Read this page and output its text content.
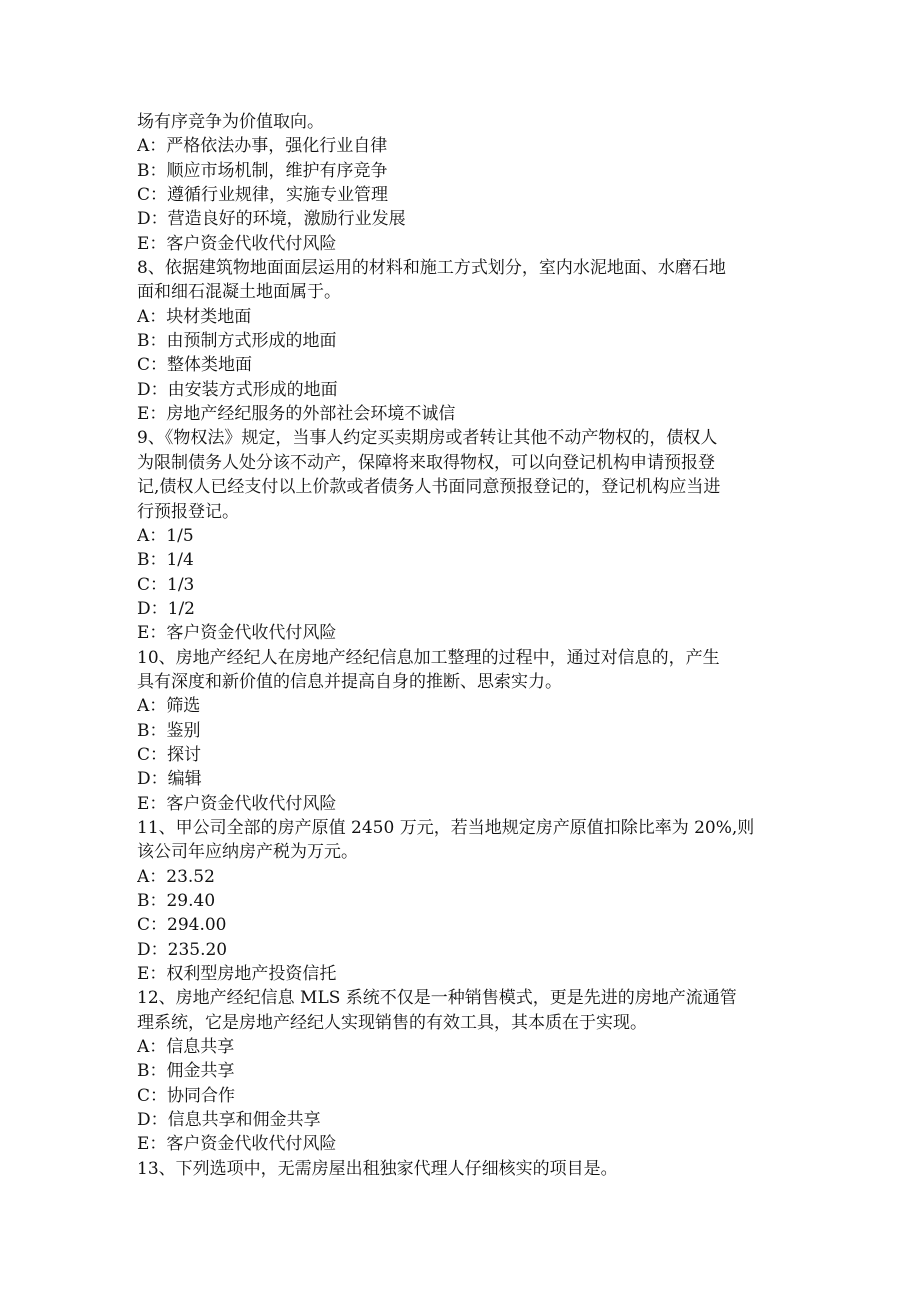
场有序竞争为价值取向。
A：严格依法办事，强化行业自律
B：顺应市场机制，维护有序竞争
C：遵循行业规律，实施专业管理
D：营造良好的环境，激励行业发展
E：客户资金代收代付风险
8、依据建筑物地面面层运用的材料和施工方式划分，室内水泥地面、水磨石地
面和细石混凝土地面属于。
A：块材类地面
B：由预制方式形成的地面
C：整体类地面
D：由安装方式形成的地面
E：房地产经纪服务的外部社会环境不诚信
9、《物权法》规定，当事人约定买卖期房或者转让其他不动产物权的，债权人
为限制债务人处分该不动产，保障将来取得物权，可以向登记机构申请预报登
记,债权人已经支付以上价款或者债务人书面同意预报登记的，登记机构应当进
行预报登记。
A：1/5
B：1/4
C：1/3
D：1/2
E：客户资金代收代付风险
10、房地产经纪人在房地产经纪信息加工整理的过程中，通过对信息的，产生
具有深度和新价值的信息并提高自身的推断、思索实力。
A：筛选
B：鉴别
C：探讨
D：编辑
E：客户资金代收代付风险
11、甲公司全部的房产原值 2450 万元，若当地规定房产原值扣除比率为 20%,则
该公司年应纳房产税为万元。
A：23.52
B：29.40
C：294.00
D：235.20
E：权利型房地产投资信托
12、房地产经纪信息 MLS 系统不仅是一种销售模式，更是先进的房地产流通管
理系统，它是房地产经纪人实现销售的有效工具，其本质在于实现。
A：信息共享
B：佣金共享
C：协同合作
D：信息共享和佣金共享
E：客户资金代收代付风险
13、下列选项中，无需房屋出租独家代理人仔细核实的项目是。
